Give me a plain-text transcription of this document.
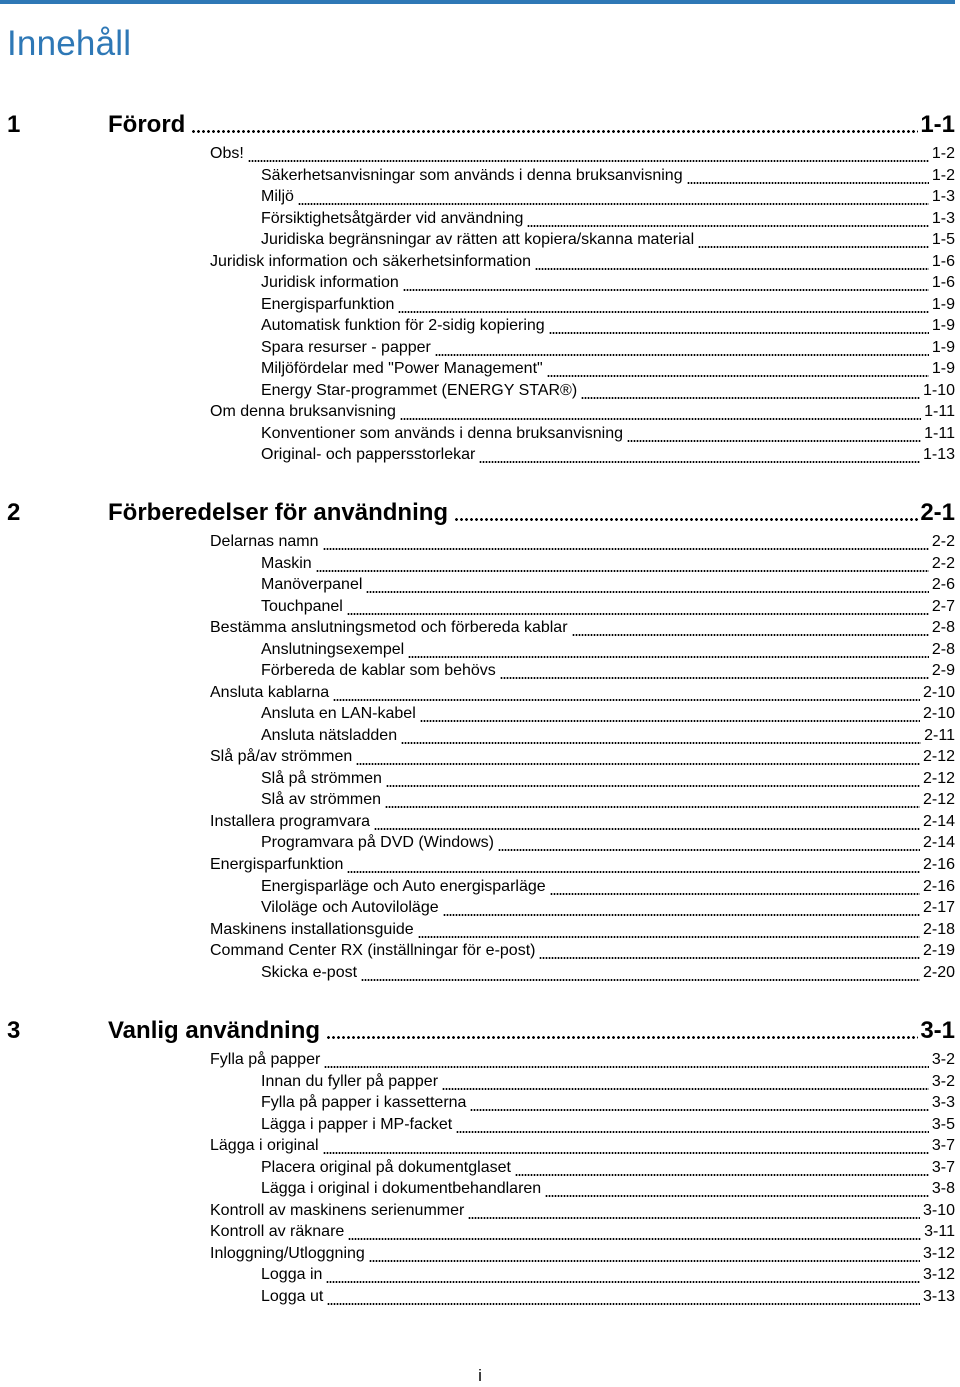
Innehåll
1	Förord	1-1
Obs!	1-2
Säkerhetsanvisningar som används i denna bruksanvisning	1-2
Miljö	1-3
Försiktighetsåtgärder vid användning	1-3
Juridiska begränsningar av rätten att kopiera/skanna material	1-5
Juridisk information och säkerhetsinformation	1-6
Juridisk information	1-6
Energisparfunktion	1-9
Automatisk funktion för 2-sidig kopiering	1-9
Spara resurser - papper	1-9
Miljöfördelar med "Power Management"	1-9
Energy Star-programmet (ENERGY STAR®)	1-10
Om denna bruksanvisning	1-11
Konventioner som används i denna bruksanvisning	1-11
Original- och pappersstorlekar	1-13
2	Förberedelser för användning	2-1
Delarnas namn	2-2
Maskin	2-2
Manöverpanel	2-6
Touchpanel	2-7
Bestämma anslutningsmetod och förbereda kablar	2-8
Anslutningsexempel	2-8
Förbereda de kablar som behövs	2-9
Ansluta kablarna	2-10
Ansluta en LAN-kabel	2-10
Ansluta nätsladden	2-11
Slå på/av strömmen	2-12
Slå på strömmen	2-12
Slå av strömmen	2-12
Installera programvara	2-14
Programvara på DVD (Windows)	2-14
Energisparfunktion	2-16
Energisparläge och Auto energisparläge	2-16
Viloläge och Autoviloläge	2-17
Maskinens installationsguide	2-18
Command Center RX (inställningar för e-post)	2-19
Skicka e-post	2-20
3	Vanlig användning	3-1
Fylla på papper	3-2
Innan du fyller på papper	3-2
Fylla på papper i kassetterna	3-3
Lägga i papper i MP-facket	3-5
Lägga i original	3-7
Placera original på dokumentglaset	3-7
Lägga i original i dokumentbehandlaren	3-8
Kontroll av maskinens serienummer	3-10
Kontroll av räknare	3-11
Inloggning/Utloggning	3-12
Logga in	3-12
Logga ut	3-13
i
